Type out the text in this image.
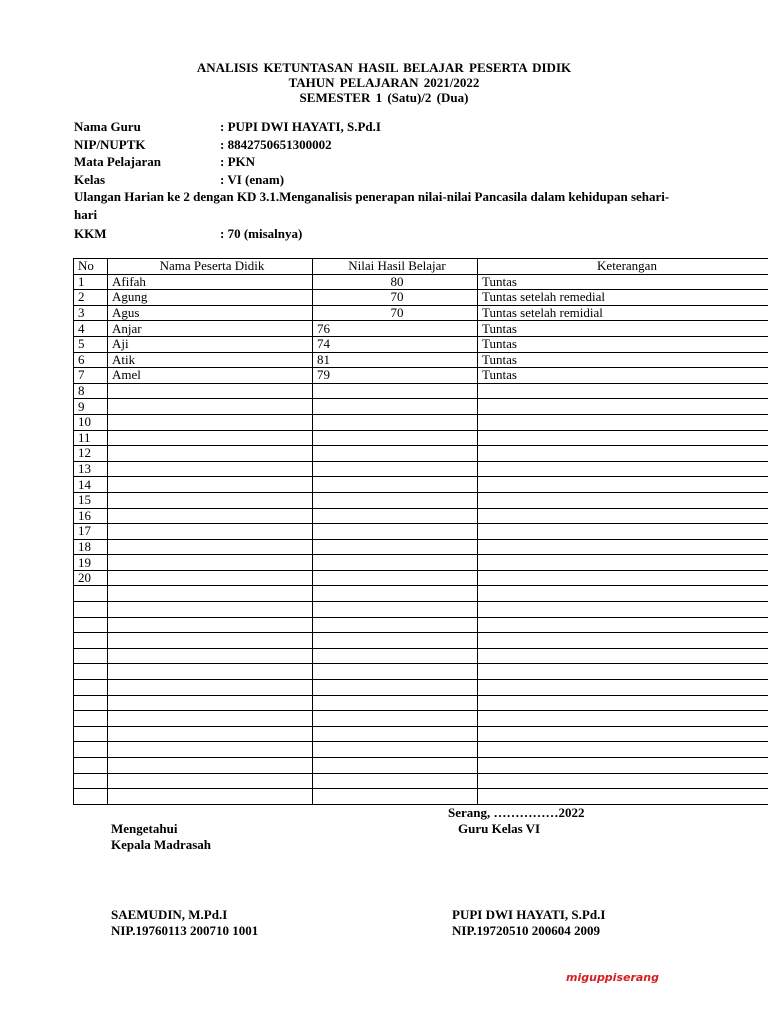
ANALISIS KETUNTASAN HASIL BELAJAR PESERTA DIDIK
TAHUN PELAJARAN 2021/2022
SEMESTER 1 (Satu)/2 (Dua)
Nama Guru	: PUPI DWI HAYATI, S.Pd.I
NIP/NUPTK	: 8842750651300002
Mata Pelajaran	: PKN
Kelas	: VI (enam)
Ulangan Harian ke 2 dengan KD 3.1.Menganalisis penerapan nilai-nilai Pancasila dalam kehidupan sehari-hari
KKM	: 70 (misalnya)
No	Nama Peserta Didik	Nilai Hasil Belajar	Keterangan
1	Afifah	80	Tuntas
2	Agung	70	Tuntas setelah remedial
3	Agus	70	Tuntas setelah remidial
4	Anjar	76	Tuntas
5	Aji	74	Tuntas
6	Atik	81	Tuntas
7	Amel	79	Tuntas
8			
9			
10			
11			
12			
13			
14			
15			
16			
17			
18			
19			
20			

Serang, ……………2022
Mengetahui	Guru Kelas VI
Kepala Madrasah
SAEMUDIN, M.Pd.I
NIP.19760113 200710 1001
PUPI DWI HAYATI, S.Pd.I
NIP.19720510 200604 2009
miguppiserang
